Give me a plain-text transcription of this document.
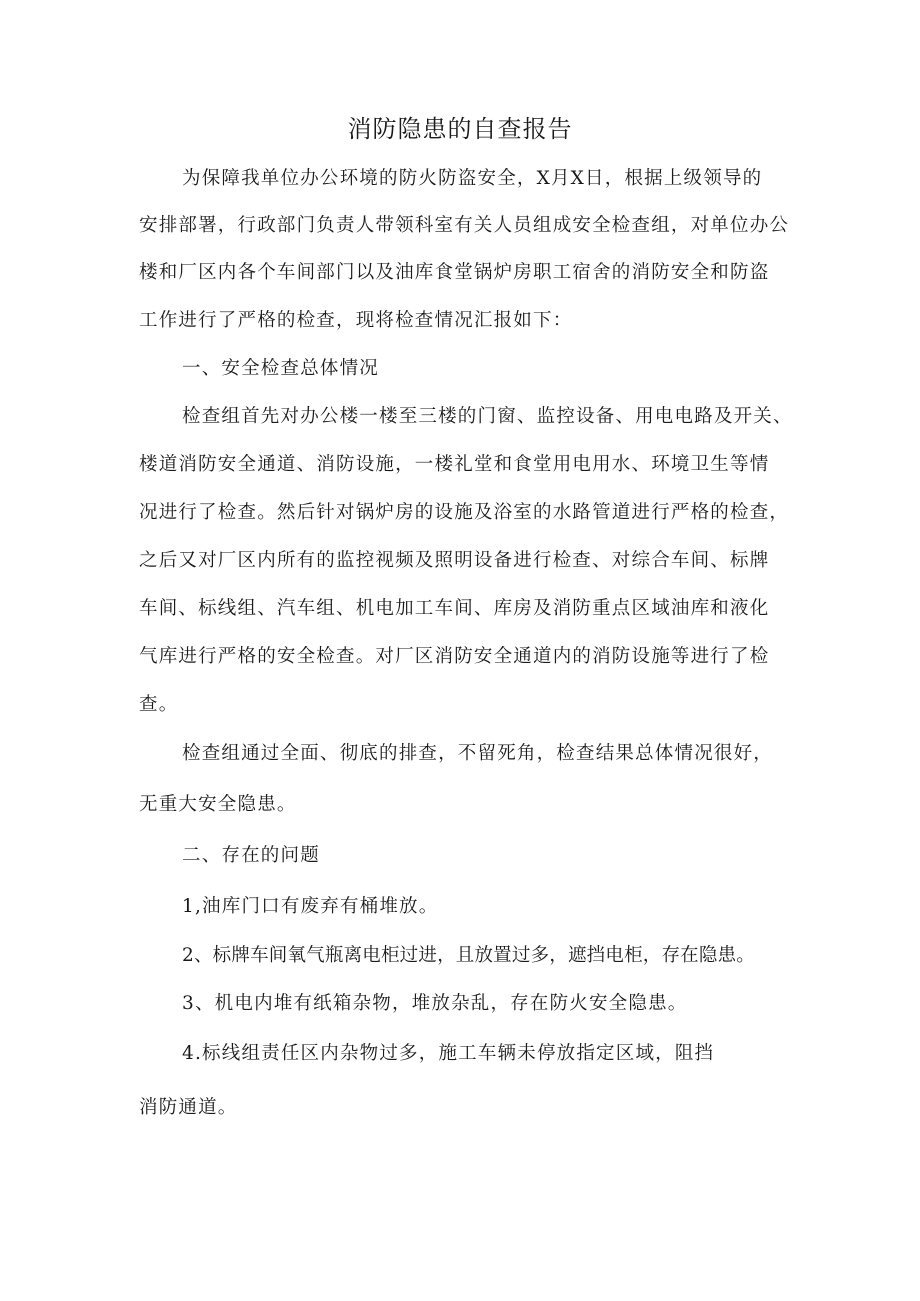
消防隐患的自查报告

为保障我单位办公环境的防火防盗安全，X月X日，根据上级领导的

安排部署，行政部门负责人带领科室有关人员组成安全检查组，对单位办公

楼和厂区内各个车间部门以及油库食堂锅炉房职工宿舍的消防安全和防盗

工作进行了严格的检查，现将检查情况汇报如下：

一、安全检查总体情况

检查组首先对办公楼一楼至三楼的门窗、监控设备、用电电路及开关、

楼道消防安全通道、消防设施，一楼礼堂和食堂用电用水、环境卫生等情

况进行了检查。然后针对锅炉房的设施及浴室的水路管道进行严格的检查，

之后又对厂区内所有的监控视频及照明设备进行检查、对综合车间、标牌

车间、标线组、汽车组、机电加工车间、库房及消防重点区域油库和液化

气库进行严格的安全检查。对厂区消防安全通道内的消防设施等进行了检

查。

检查组通过全面、彻底的排查，不留死角，检查结果总体情况很好，

无重大安全隐患。

二、存在的问题

1,油库门口有废弃有桶堆放。

2、标牌车间氧气瓶离电柜过进，且放置过多，遮挡电柜，存在隐患。

3、机电内堆有纸箱杂物，堆放杂乱，存在防火安全隐患。

4.标线组责任区内杂物过多，施工车辆未停放指定区域，阻挡

消防通道。
